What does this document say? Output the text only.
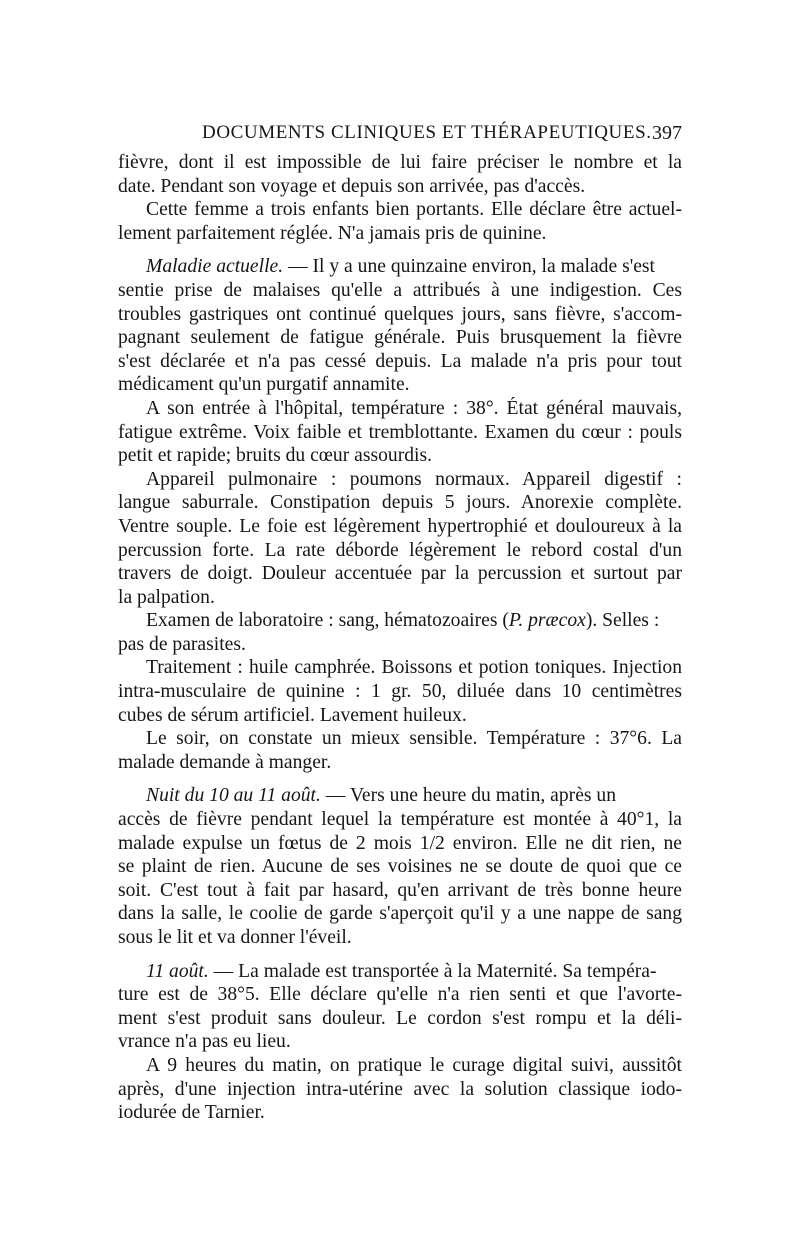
DOCUMENTS CLINIQUES ET THÉRAPEUTIQUES. 397
fièvre, dont il est impossible de lui faire préciser le nombre et la
date. Pendant son voyage et depuis son arrivée, pas d'accès.
Cette femme a trois enfants bien portants. Elle déclare être actuel-
lement parfaitement réglée. N'a jamais pris de quinine.
Maladie actuelle. — Il y a une quinzaine environ, la malade s'est
sentie prise de malaises qu'elle a attribués à une indigestion. Ces
troubles gastriques ont continué quelques jours, sans fièvre, s'accom-
pagnant seulement de fatigue générale. Puis brusquement la fièvre
s'est déclarée et n'a pas cessé depuis. La malade n'a pris pour tout
médicament qu'un purgatif annamite.
A son entrée à l'hôpital, température : 38°. État général mauvais,
fatigue extrême. Voix faible et tremblottante. Examen du cœur : pouls
petit et rapide; bruits du cœur assourdis.
Appareil pulmonaire : poumons normaux. Appareil digestif :
langue saburrale. Constipation depuis 5 jours. Anorexie complète.
Ventre souple. Le foie est légèrement hypertrophié et douloureux à la
percussion forte. La rate déborde légèrement le rebord costal d'un
travers de doigt. Douleur accentuée par la percussion et surtout par
la palpation.
Examen de laboratoire : sang, hématozoaires (P. præcox). Selles :
pas de parasites.
Traitement : huile camphrée. Boissons et potion toniques. Injection
intra-musculaire de quinine : 1 gr. 50, diluée dans 10 centimètres
cubes de sérum artificiel. Lavement huileux.
Le soir, on constate un mieux sensible. Température : 37°6. La
malade demande à manger.
Nuit du 10 au 11 août. — Vers une heure du matin, après un
accès de fièvre pendant lequel la température est montée à 40°1, la
malade expulse un fœtus de 2 mois 1/2 environ. Elle ne dit rien, ne
se plaint de rien. Aucune de ses voisines ne se doute de quoi que ce
soit. C'est tout à fait par hasard, qu'en arrivant de très bonne heure
dans la salle, le coolie de garde s'aperçoit qu'il y a une nappe de sang
sous le lit et va donner l'éveil.
11 août. — La malade est transportée à la Maternité. Sa tempéra-
ture est de 38°5. Elle déclare qu'elle n'a rien senti et que l'avorte-
ment s'est produit sans douleur. Le cordon s'est rompu et la déli-
vrance n'a pas eu lieu.
A 9 heures du matin, on pratique le curage digital suivi, aussitôt
après, d'une injection intra-utérine avec la solution classique iodo-
iodurée de Tarnier.
